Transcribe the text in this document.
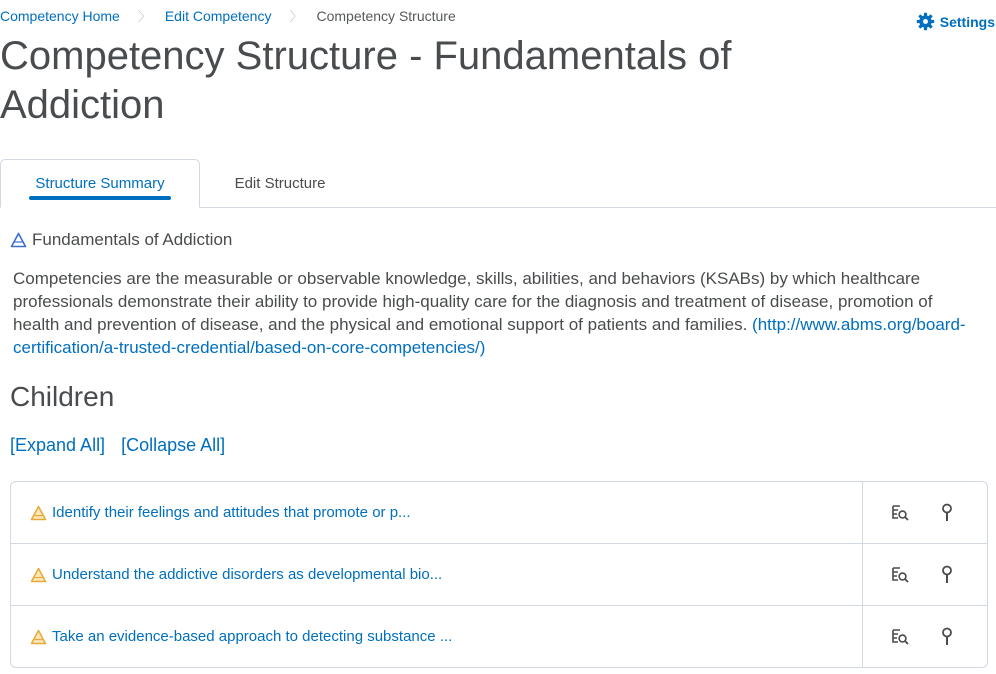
Competency Home 〉 Edit Competency 〉 Competency Structure	Settings
Competency Structure - Fundamentals of Addiction
Structure Summary	Edit Structure
Fundamentals of Addiction

Competencies are the measurable or observable knowledge, skills, abilities, and behaviors (KSABs) by which healthcare professionals demonstrate their ability to provide high-quality care for the diagnosis and treatment of disease, promotion of health and prevention of disease, and the physical and emotional support of patients and families. (http://www.abms.org/board-certification/a-trusted-credential/based-on-core-competencies/)

Children
[Expand All] [Collapse All]
Identify their feelings and attitudes that promote or p...
Understand the addictive disorders as developmental bio...
Take an evidence-based approach to detecting substance ...
